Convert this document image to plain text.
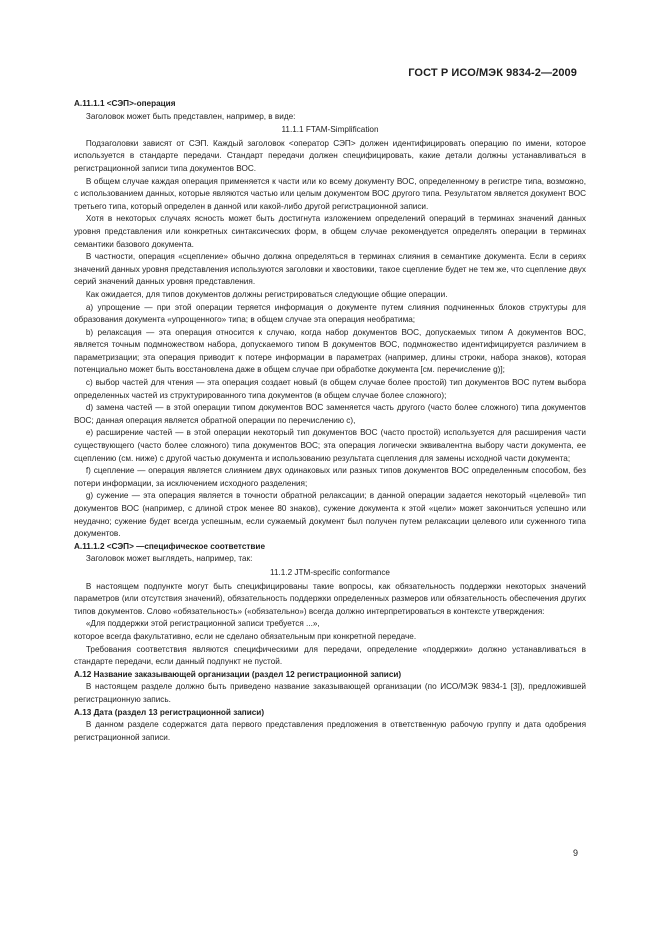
ГОСТ Р ИСО/МЭК 9834-2—2009

A.11.1.1 <СЭП>-операция

Заголовок может быть представлен, например, в виде:

11.1.1 FTAM-Simplification

Подзаголовки зависят от СЭП. Каждый заголовок <оператор СЭП> должен идентифицировать операцию по имени, которое используется в стандарте передачи. Стандарт передачи должен специфицировать, какие детали должны устанавливаться в регистрационной записи типа документов ВОС.

В общем случае каждая операция применяется к части или ко всему документу ВОС, определенному в регистре типа, возможно, с использованием данных, которые являются частью или целым документом ВОС другого типа. Результатом является документ ВОС третьего типа, который определен в данной или какой-либо другой регистрационной записи.

Хотя в некоторых случаях ясность может быть достигнута изложением определений операций в терминах значений данных уровня представления или конкретных синтаксических форм, в общем случае рекомендуется определять операции в терминах семантики базового документа.

В частности, операция «сцепление» обычно должна определяться в терминах слияния в семантике документа. Если в сериях значений данных уровня представления используются заголовки и хвостовики, такое сцепление будет не тем же, что сцепление двух серий значений данных уровня представления.

Как ожидается, для типов документов должны регистрироваться следующие общие операции.

a) упрощение — при этой операции теряется информация о документе путем слияния подчиненных блоков структуры для образования документа «упрощенного» типа; в общем случае эта операция необратима;

b) релаксация — эта операция относится к случаю, когда набор документов ВОС, допускаемых типом А документов ВОС, является точным подмножеством набора, допускаемого типом В документов ВОС, подмножество идентифицируется различием в параметризации; эта операция приводит к потере информации в параметрах (например, длины строки, набора знаков), которая потенциально может быть восстановлена даже в общем случае при обработке документа [см. перечисление g)];

c) выбор частей для чтения — эта операция создает новый (в общем случае более простой) тип документов ВОС путем выбора определенных частей из структурированного типа документов (в общем случае более сложного);

d) замена частей — в этой операции типом документов ВОС заменяется часть другого (часто более сложного) типа документов ВОС; данная операция является обратной операции по перечислению c),

e) расширение частей — в этой операции некоторый тип документов ВОС (часто простой) используется для расширения части существующего (часто более сложного) типа документов ВОС; эта операция логически эквивалентна выбору части документа, ее сцеплению (см. ниже) с другой частью документа и использованию результата сцепления для замены исходной части документа;

f) сцепление — операция является слиянием двух одинаковых или разных типов документов ВОС определенным способом, без потери информации, за исключением исходного разделения;

g) сужение — эта операция является в точности обратной релаксации; в данной операции задается некоторый «целевой» тип документов ВОС (например, с длиной строк менее 80 знаков), сужение документа к этой «цели» может закончиться успешно или неудачно; сужение будет всегда успешным, если сужаемый документ был получен путем релаксации целевого или суженного типа документов.

A.11.1.2 <СЭП> —специфическое соответствие

Заголовок может выглядеть, например, так:

11.1.2 JTM-specific conformance

В настоящем подпункте могут быть специфицированы такие вопросы, как обязательность поддержки некоторых значений параметров (или отсутствия значений), обязательность поддержки определенных размеров или обязательность обеспечения других типов документов. Слово «обязательность» («обязательно») всегда должно интерпретироваться в контексте утверждения:

«Для поддержки этой регистрационной записи требуется ...»,

которое всегда факультативно, если не сделано обязательным при конкретной передаче.

Требования соответствия являются специфическими для передачи, определение «поддержки» должно устанавливаться в стандарте передачи, если данный подпункт не пустой.

A.12 Название заказывающей организации (раздел 12 регистрационной записи)

В настоящем разделе должно быть приведено название заказывающей организации (по ИСО/МЭК 9834-1 [3]), предложившей регистрационную запись.

A.13 Дата (раздел 13 регистрационной записи)

В данном разделе содержатся дата первого представления предложения в ответственную рабочую группу и дата одобрения регистрационной записи.

9
